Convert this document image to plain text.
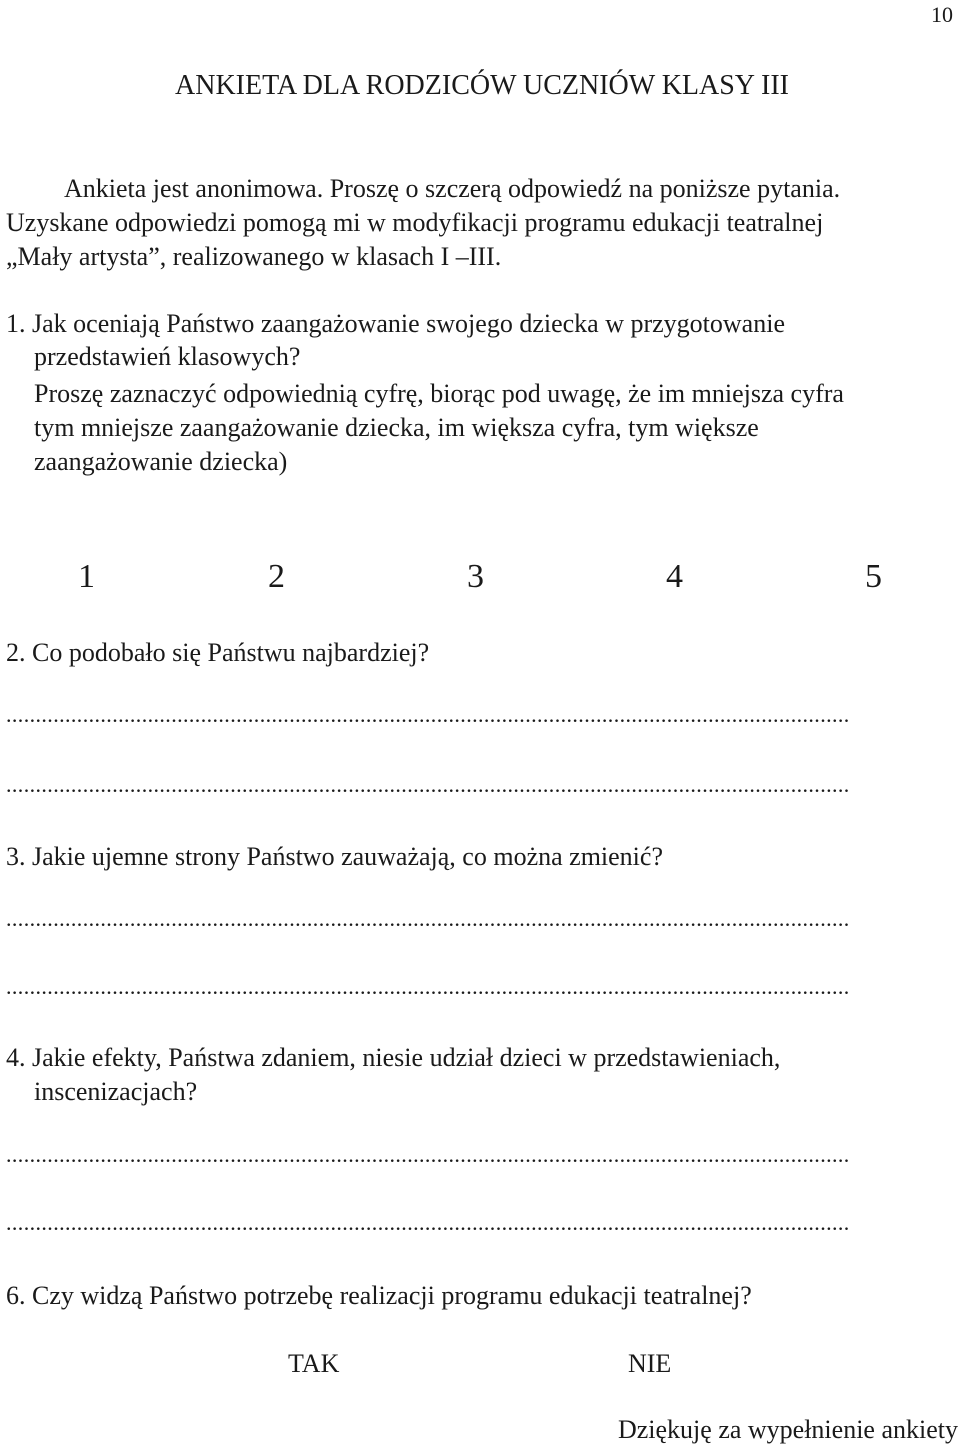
10
ANKIETA DLA RODZICÓW UCZNIÓW KLASY III
Ankieta jest anonimowa. Proszę o szczerą odpowiedź na poniższe pytania.
Uzyskane odpowiedzi pomogą mi w modyfikacji programu edukacji teatralnej
„Mały artysta”, realizowanego w klasach I –III.
1. Jak oceniają Państwo zaangażowanie swojego dziecka w przygotowanie
przedstawień klasowych?
Proszę zaznaczyć odpowiednią cyfrę, biorąc pod uwagę, że im mniejsza cyfra
tym mniejsze zaangażowanie dziecka, im większa cyfra, tym większe
zaangażowanie dziecka)
1	2	3	4	5
2. Co podobało się Państwu najbardziej?
...............................................................................................................................................
...............................................................................................................................................
3. Jakie ujemne strony Państwo zauważają, co można zmienić?
...............................................................................................................................................
...............................................................................................................................................
4. Jakie efekty, Państwa zdaniem, niesie udział dzieci w przedstawieniach,
inscenizacjach?
...............................................................................................................................................
...............................................................................................................................................
6. Czy widzą Państwo potrzebę realizacji programu edukacji teatralnej?
TAK	NIE
Dziękuję za wypełnienie ankiety
